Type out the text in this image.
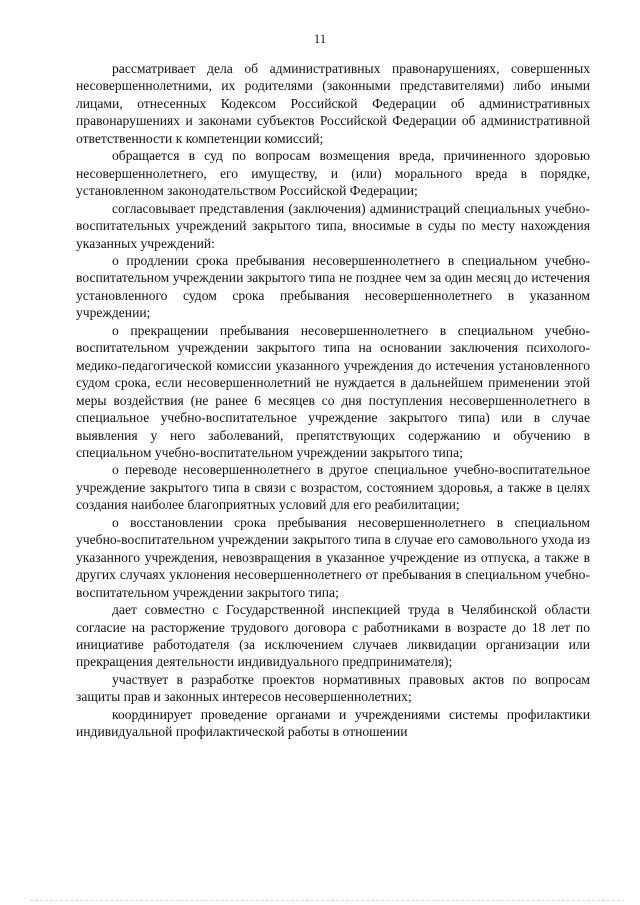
11

рассматривает дела об административных правонарушениях, совершенных несовершеннолетними, их родителями (законными представителями) либо иными лицами, отнесенных Кодексом Российской Федерации об административных правонарушениях и законами субъектов Российской Федерации об административной ответственности к компетенции комиссий;

обращается в суд по вопросам возмещения вреда, причиненного здоровью несовершеннолетнего, его имуществу, и (или) морального вреда в порядке, установленном законодательством Российской Федерации;

согласовывает представления (заключения) администраций специальных учебно-воспитательных учреждений закрытого типа, вносимые в суды по месту нахождения указанных учреждений:

о продлении срока пребывания несовершеннолетнего в специальном учебно-воспитательном учреждении закрытого типа не позднее чем за один месяц до истечения установленного судом срока пребывания несовершеннолетнего в указанном учреждении;

о прекращении пребывания несовершеннолетнего в специальном учебно-воспитательном учреждении закрытого типа на основании заключения психолого-медико-педагогической комиссии указанного учреждения до истечения установленного судом срока, если несовершеннолетний не нуждается в дальнейшем применении этой меры воздействия (не ранее 6 месяцев со дня поступления несовершеннолетнего в специальное учебно-воспитательное учреждение закрытого типа) или в случае выявления у него заболеваний, препятствующих содержанию и обучению в специальном учебно-воспитательном учреждении закрытого типа;

о переводе несовершеннолетнего в другое специальное учебно-воспитательное учреждение закрытого типа в связи с возрастом, состоянием здоровья, а также в целях создания наиболее благоприятных условий для его реабилитации;

о восстановлении срока пребывания несовершеннолетнего в специальном учебно-воспитательном учреждении закрытого типа в случае его самовольного ухода из указанного учреждения, невозвращения в указанное учреждение из отпуска, а также в других случаях уклонения несовершеннолетнего от пребывания в специальном учебно-воспитательном учреждении закрытого типа;

дает совместно с Государственной инспекцией труда в Челябинской области согласие на расторжение трудового договора с работниками в возрасте до 18 лет по инициативе работодателя (за исключением случаев ликвидации организации или прекращения деятельности индивидуального предпринимателя);

участвует в разработке проектов нормативных правовых актов по вопросам защиты прав и законных интересов несовершеннолетних;

координирует проведение органами и учреждениями системы профилактики индивидуальной профилактической работы в отношении
